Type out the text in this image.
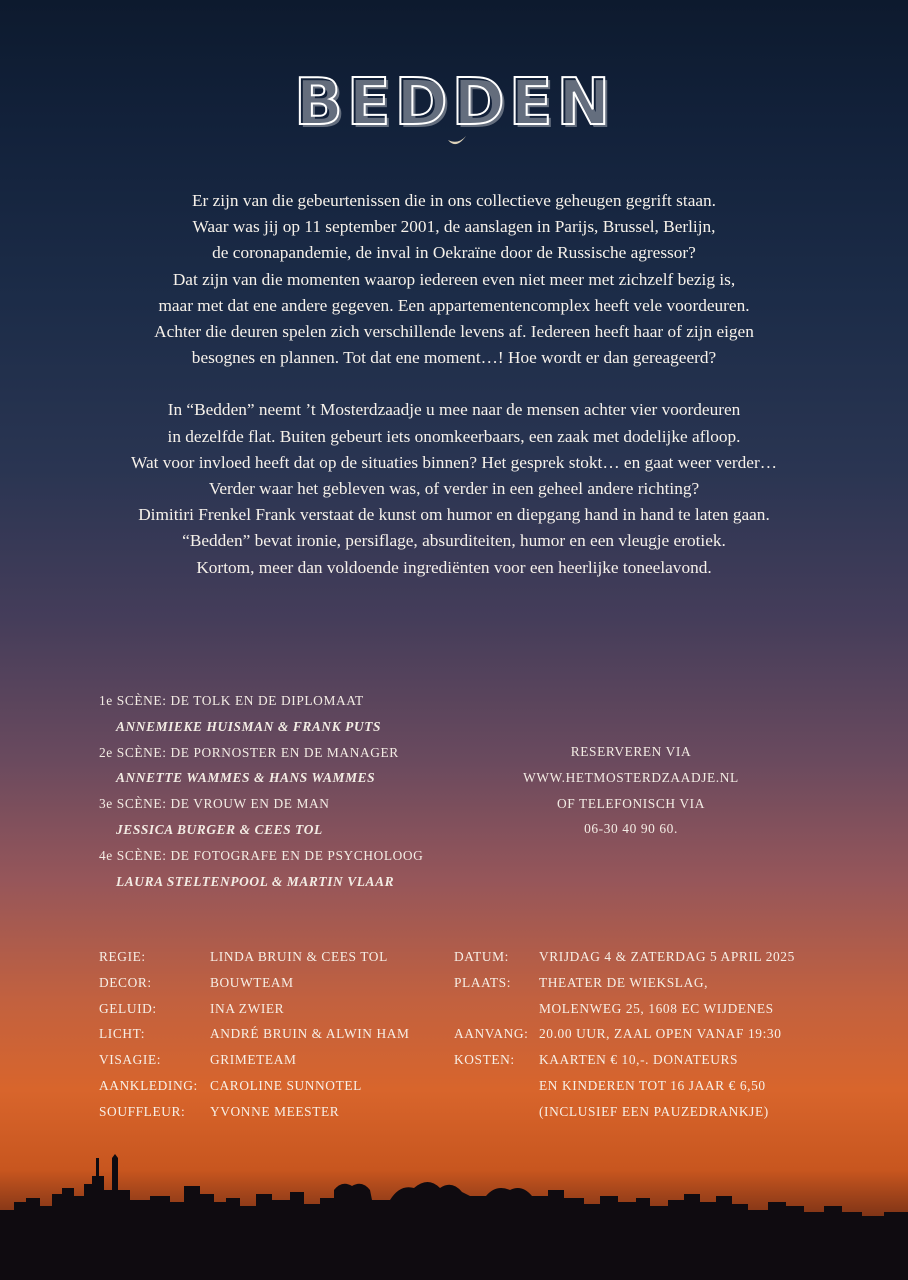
BEDDEN

Er zijn van die gebeurtenissen die in ons collectieve geheugen gegrift staan.

Waar was jij op 11 september 2001, de aanslagen in Parijs, Brussel, Berlijn,

de coronapandemie, de inval in Oekraïne door de Russische agressor?

Dat zijn van die momenten waarop iedereen even niet meer met zichzelf bezig is,

maar met dat ene andere gegeven. Een appartementencomplex heeft vele voordeuren.

Achter die deuren spelen zich verschillende levens af. Iedereen heeft haar of zijn eigen

besognes en plannen. Tot dat ene moment…! Hoe wordt er dan gereageerd?

In “Bedden” neemt ’t Mosterdzaadje u mee naar de mensen achter vier voordeuren

in dezelfde flat. Buiten gebeurt iets onomkeerbaars, een zaak met dodelijke afloop.

Wat voor invloed heeft dat op de situaties binnen? Het gesprek stokt… en gaat weer verder…

Verder waar het gebleven was, of verder in een geheel andere richting?

Dimitiri Frenkel Frank verstaat de kunst om humor en diepgang hand in hand te laten gaan.

“Bedden” bevat ironie, persiflage, absurditeiten, humor en een vleugje erotiek.

Kortom, meer dan voldoende ingrediënten voor een heerlijke toneelavond.

1e SCÈNE: DE TOLK EN DE DIPLOMAAT
ANNEMIEKE HUISMAN & FRANK PUTS
2e SCÈNE: DE PORNOSTER EN DE MANAGER
ANNETTE WAMMES & HANS WAMMES
3e SCÈNE: DE VROUW EN DE MAN
JESSICA BURGER & CEES TOL
4e SCÈNE: DE FOTOGRAFE EN DE PSYCHOLOOG
LAURA STELTENPOOL & MARTIN VLAAR
RESERVEREN VIA
WWW.HETMOSTERDZAADJE.NL
OF TELEFONISCH VIA
06-30 40 90 60.
REGIE:	LINDA BRUIN & CEES TOL
DECOR:	BOUWTEAM
GELUID:	INA ZWIER
LICHT:	ANDRÉ BRUIN & ALWIN HAM
VISAGIE:	GRIMETEAM
AANKLEDING: CAROLINE SUNNOTEL
SOUFFLEUR:	YVONNE MEESTER
DATUM:	VRIJDAG 4 & ZATERDAG 5 APRIL 2025
PLAATS:	THEATER DE WIEKSLAG,
MOLENWEG 25, 1608 EC WIJDENES
AANVANG: 20.00 UUR, ZAAL OPEN VANAF 19:30
KOSTEN:	KAARTEN € 10,-. DONATEURS
EN KINDEREN TOT 16 JAAR € 6,50
(INCLUSIEF EEN PAUZEDRANKJE)
